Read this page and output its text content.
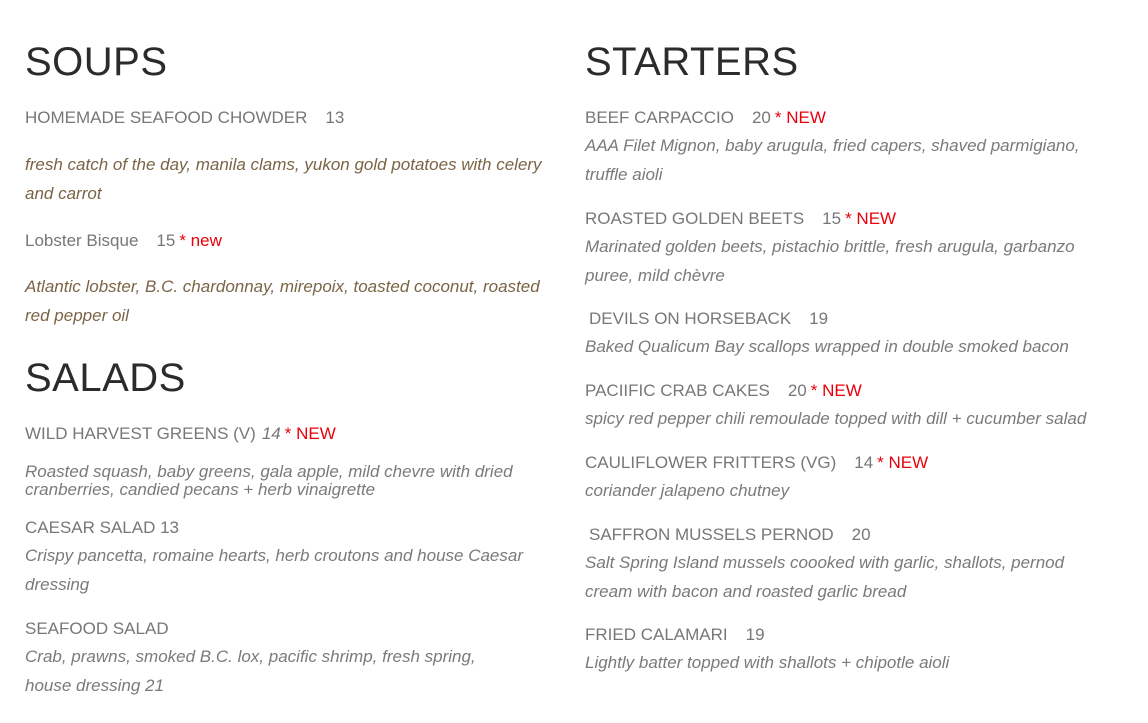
SOUPS
HOMEMADE SEAFOOD CHOWDER 13
fresh catch of the day, manila clams, yukon gold potatoes with celery and carrot
Lobster Bisque 15 * new
Atlantic lobster, B.C. chardonnay, mirepoix, toasted coconut, roasted red pepper oil
SALADS
WILD HARVEST GREENS (V) 14 * NEW
Roasted squash, baby greens, gala apple, mild chevre with dried cranberries, candied pecans + herb vinaigrette
CAESAR SALAD 13
Crispy pancetta, romaine hearts, herb croutons and house Caesar dressing
SEAFOOD SALAD
Crab, prawns, smoked B.C. lox, pacific shrimp, fresh spring,
house dressing 21
STARTERS
BEEF CARPACCIO 20 * NEW
AAA Filet Mignon, baby arugula, fried capers, shaved parmigiano, truffle aioli
ROASTED GOLDEN BEETS 15 * NEW
Marinated golden beets, pistachio brittle, fresh arugula, garbanzo puree, mild chèvre
DEVILS ON HORSEBACK 19
Baked Qualicum Bay scallops wrapped in double smoked bacon
PACIIFIC CRAB CAKES 20 * NEW
spicy red pepper chili remoulade topped with dill + cucumber salad
CAULIFLOWER FRITTERS (VG) 14 * NEW
coriander jalapeno chutney
SAFFRON MUSSELS PERNOD 20
Salt Spring Island mussels coooked with garlic, shallots, pernod cream with bacon and roasted garlic bread
FRIED CALAMARI 19
Lightly batter topped with shallots + chipotle aioli
